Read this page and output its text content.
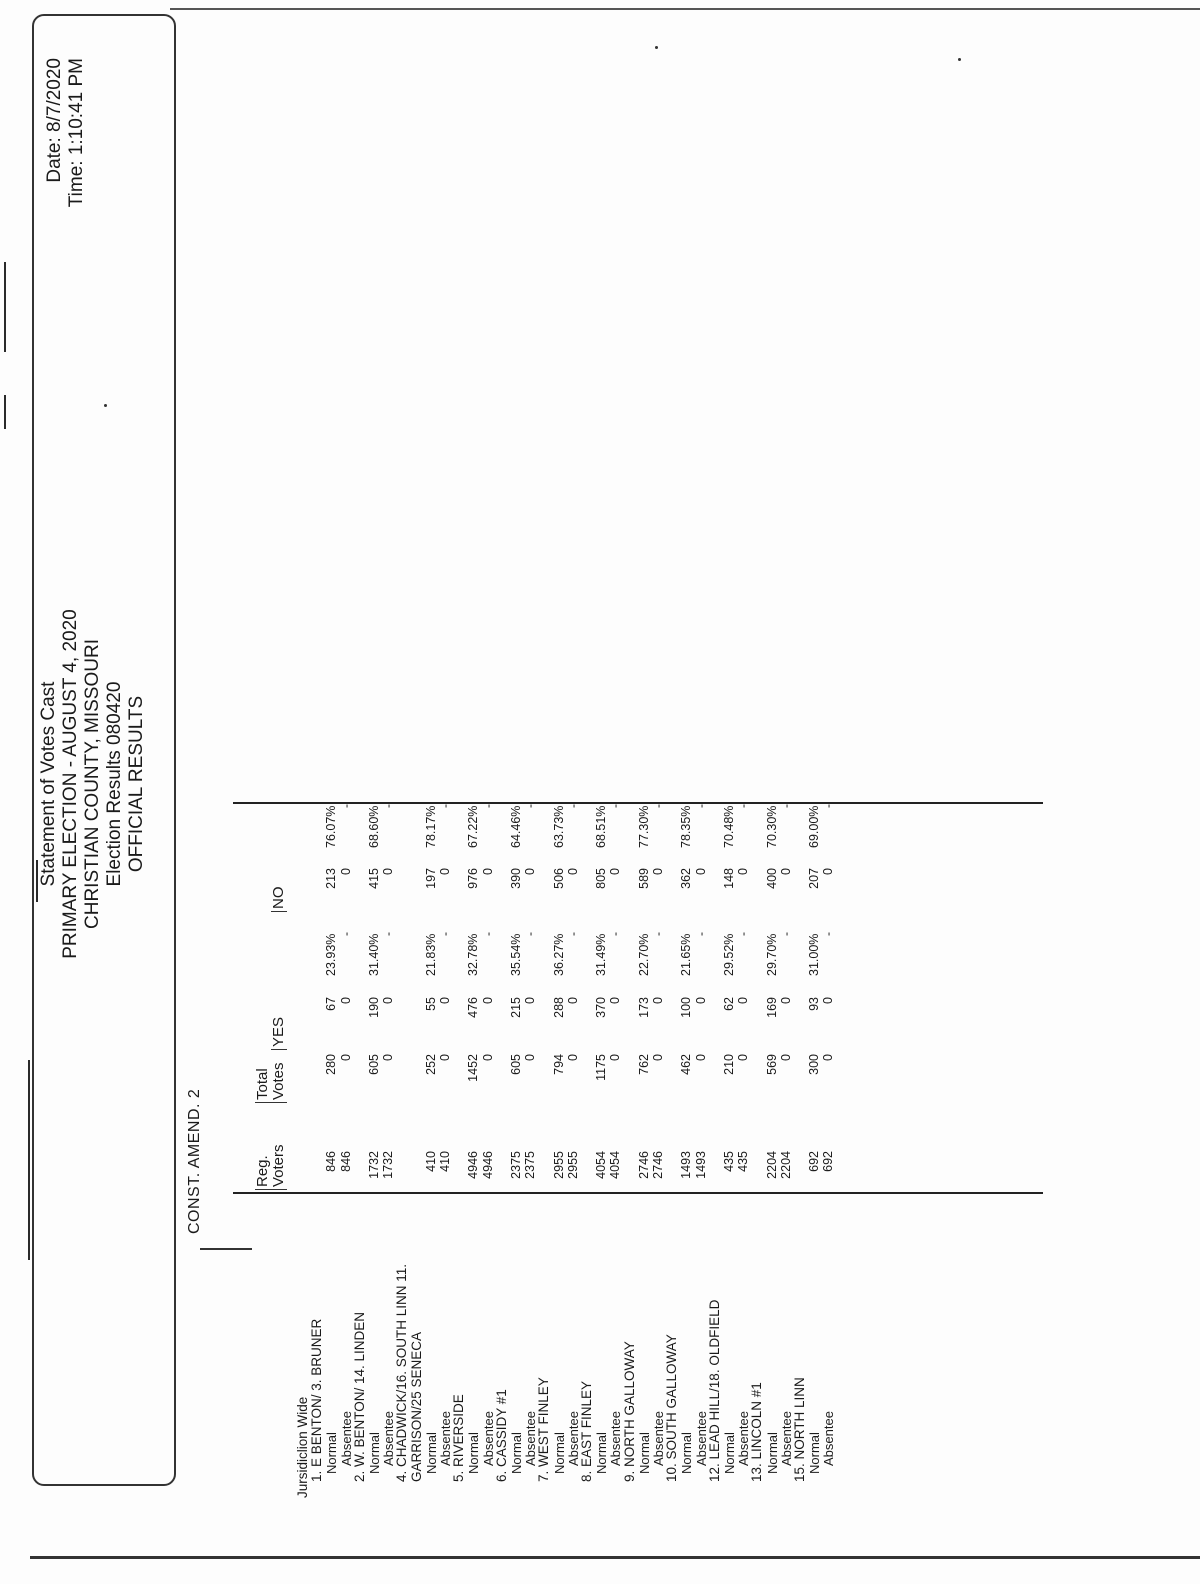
Statement of Votes Cast PRIMARY ELECTION - AUGUST 4, 2020 CHRISTIAN COUNTY, MISSOURI Election Results 080420 OFFICIAL RESULTS
Date: 8/7/2020 Time: 1:10:41 PM
CONST. AMEND. 2	Reg. Voters
Total Votes
YES
NO
Jursidiclion Wide 1. E BENTON/ 3. BRUNER Normal
846
280
67
23.93%
213
76.07%
Absentee
846
0
0
-
0
-
2. W. BENTON/ 14. LINDEN Normal
1732
605
190
31.40%
415
68.60%
Absentee
1732
0
0
-
0
-
4. CHADWICK/16. SOUTH LINN 11. GARRISON/25 SENECA Normal
410
252
55
21.83%
197
78.17%
Absentee
410
0
0
-
0
-
5. RIVERSIDE Normal
4946
1452
476
32.78%
976
67.22%
Absentee
4946
0
0
-
0
-
6. CASSIDY #1 Normal
2375
605
215
35.54%
390
64.46%
Absentee
2375
0
0
-
0
-
7. WEST FINLEY Normal
2955
794
288
36.27%
506
63.73%
Absentee
2955
0
0
-
0
-
8. EAST FINLEY Normal
4054
1175
370
31.49%
805
68.51%
Absentee
4054
0
0
-
0
-
9. NORTH GALLOWAY Normal
2746
762
173
22.70%
589
77.30%
Absentee
2746
0
0
-
0
-
10. SOUTH GALLOWAY Normal
1493
462
100
21.65%
362
78.35%
Absentee
1493
0
0
-
0
-
12. LEAD HILL/18. OLDFIELD Normal
435
210
62
29.52%
148
70.48%
Absentee
435
0
0
-
0
-
13. LINCOLN #1 Normal
2204
569
169
29.70%
400
70.30%
Absentee
2204
0
0
-
0
-
15. NORTH LINN Normal
692
300
93
31.00%
207
69.00%
Absentee
692
0
0
-
0
-
